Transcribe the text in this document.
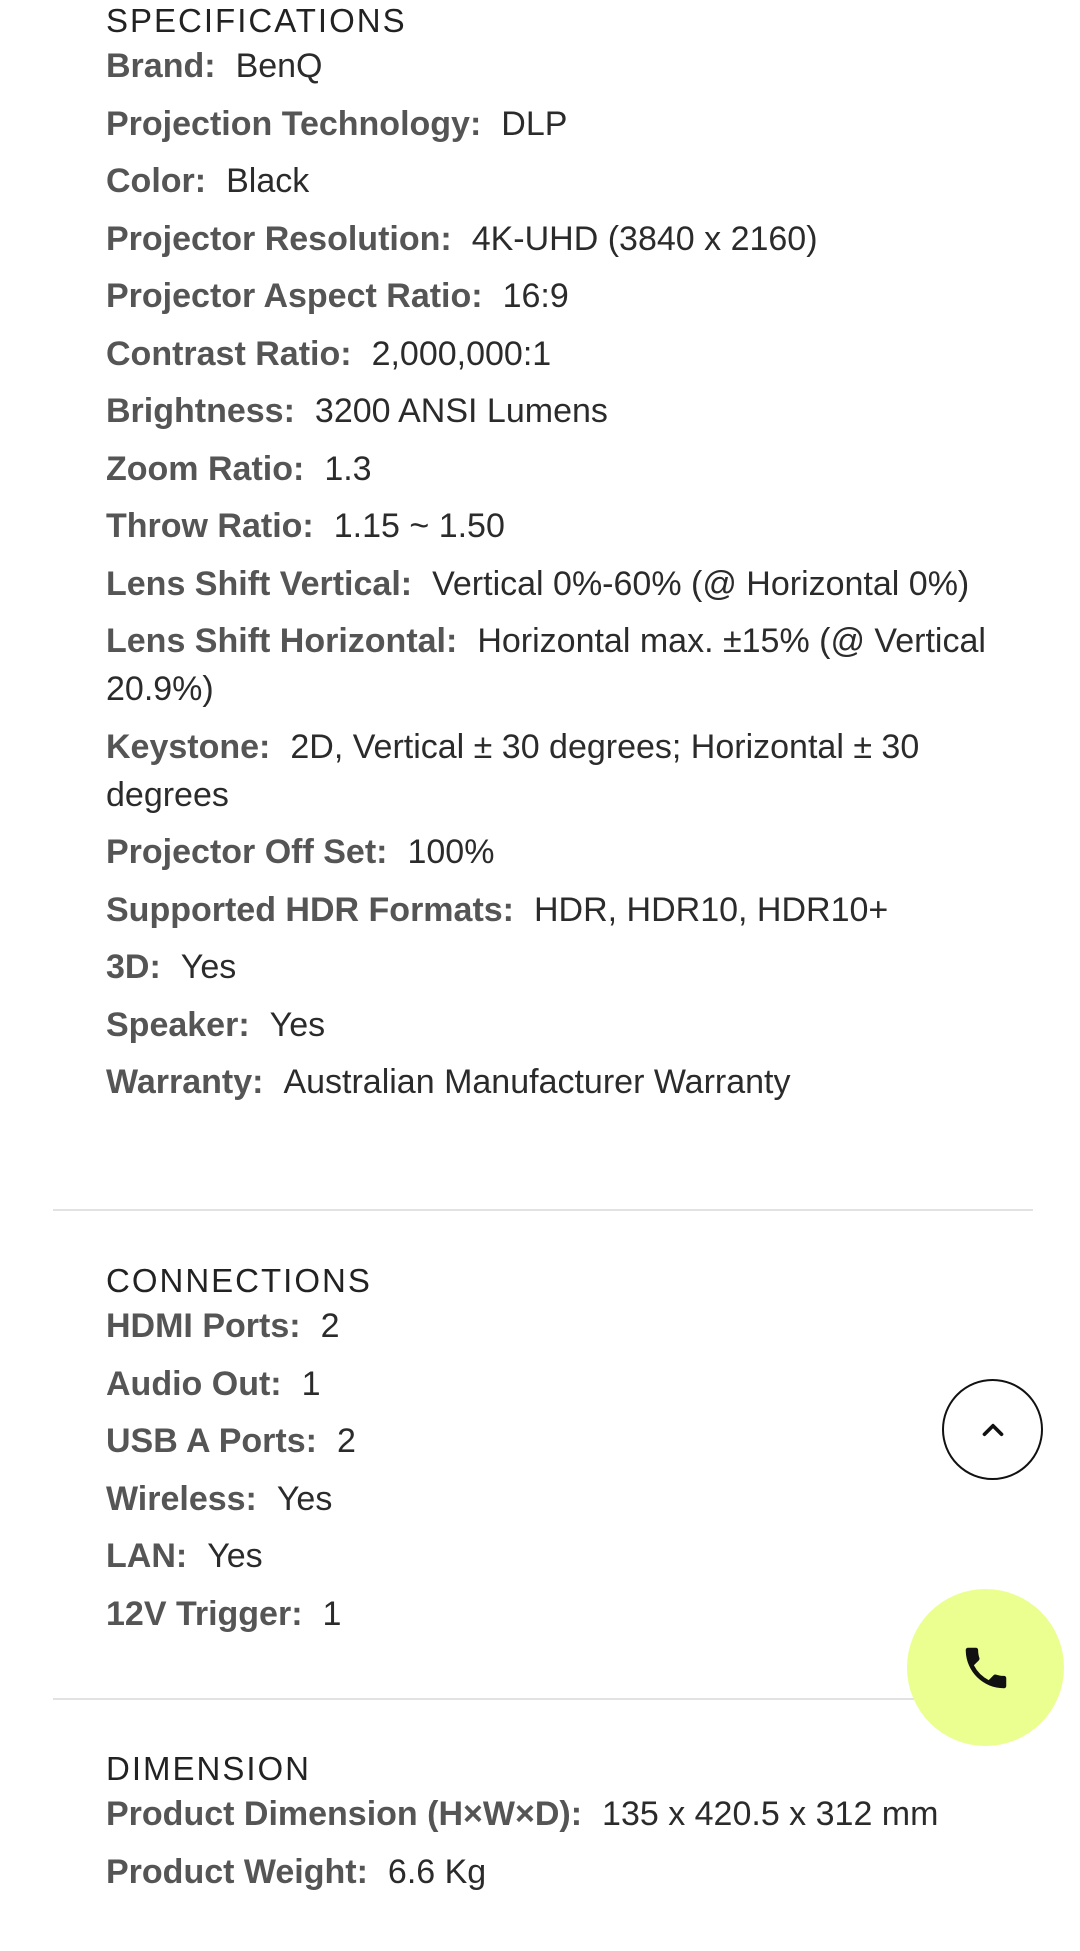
SPECIFICATIONS
Brand: BenQ
Projection Technology: DLP
Color: Black
Projector Resolution: 4K-UHD (3840 x 2160)
Projector Aspect Ratio: 16:9
Contrast Ratio: 2,000,000:1
Brightness: 3200 ANSI Lumens
Zoom Ratio: 1.3
Throw Ratio: 1.15 ~ 1.50
Lens Shift Vertical: Vertical 0%-60% (@ Horizontal 0%)
Lens Shift Horizontal: Horizontal max. ±15% (@ Vertical 20.9%)
Keystone: 2D, Vertical ± 30 degrees; Horizontal ± 30 degrees
Projector Off Set: 100%
Supported HDR Formats: HDR, HDR10, HDR10+
3D: Yes
Speaker: Yes
Warranty: Australian Manufacturer Warranty
CONNECTIONS
HDMI Ports: 2
Audio Out: 1
USB A Ports: 2
Wireless: Yes
LAN: Yes
12V Trigger: 1
DIMENSION
Product Dimension (H×W×D): 135 x 420.5 x 312 mm
Product Weight: 6.6 Kg
